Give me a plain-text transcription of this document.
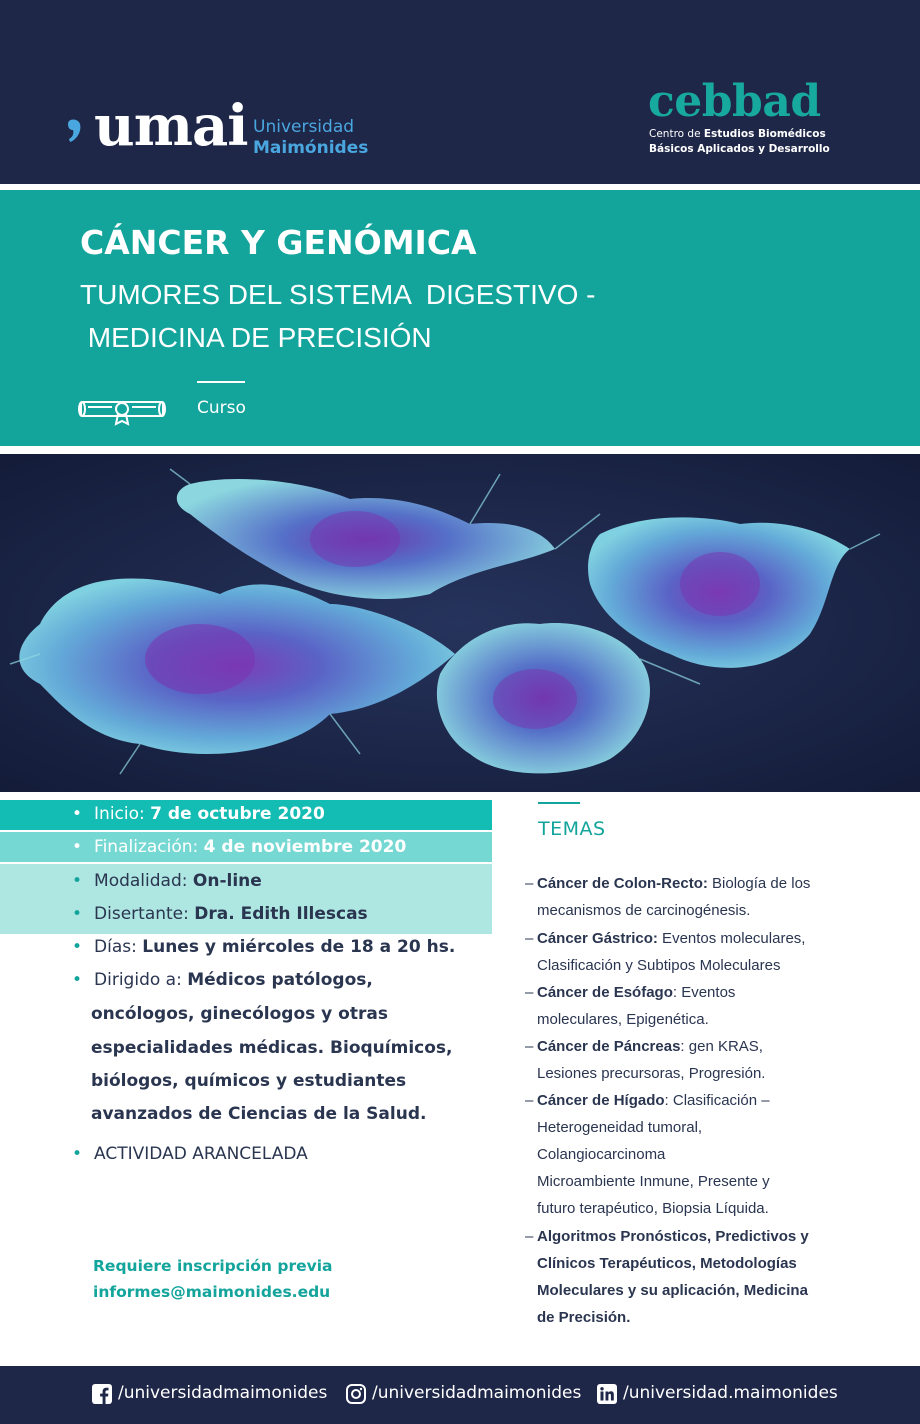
umai Universidad
Maimónides
cebbad
Centro de Estudios Biomédicos
Básicos Aplicados y Desarrollo
CÁNCER Y GENÓMICA
TUMORES DEL SISTEMA  DIGESTIVO -
MEDICINA DE PRECISIÓN
Curso
• Inicio: 7 de octubre 2020
• Finalización: 4 de noviembre 2020
• Modalidad: On-line
• Disertante: Dra. Edith Illescas
• Días: Lunes y miércoles de 18 a 20 hs.
• Dirigido a: Médicos patólogos,
oncólogos, ginecólogos y otras
especialidades médicas. Bioquímicos,
biólogos, químicos y estudiantes
avanzados de Ciencias de la Salud.
• ACTIVIDAD ARANCELADA
Requiere inscripción previa
informes@maimonides.edu
TEMAS
– Cáncer de Colon-Recto: Biología de los
mecanismos de carcinogénesis.
– Cáncer Gástrico: Eventos moleculares,
Clasificación y Subtipos Moleculares
– Cáncer de Esófago: Eventos
moleculares, Epigenética.
– Cáncer de Páncreas: gen KRAS,
Lesiones precursoras, Progresión.
– Cáncer de Hígado: Clasificación –
Heterogeneidad tumoral,
Colangiocarcinoma
Microambiente Inmune, Presente y
futuro terapéutico, Biopsia Líquida.
– Algoritmos Pronósticos, Predictivos y
Clínicos Terapéuticos, Metodologías
Moleculares y su aplicación, Medicina
de Precisión.
/universidadmaimonides	/universidadmaimonides /universidad.maimonides
